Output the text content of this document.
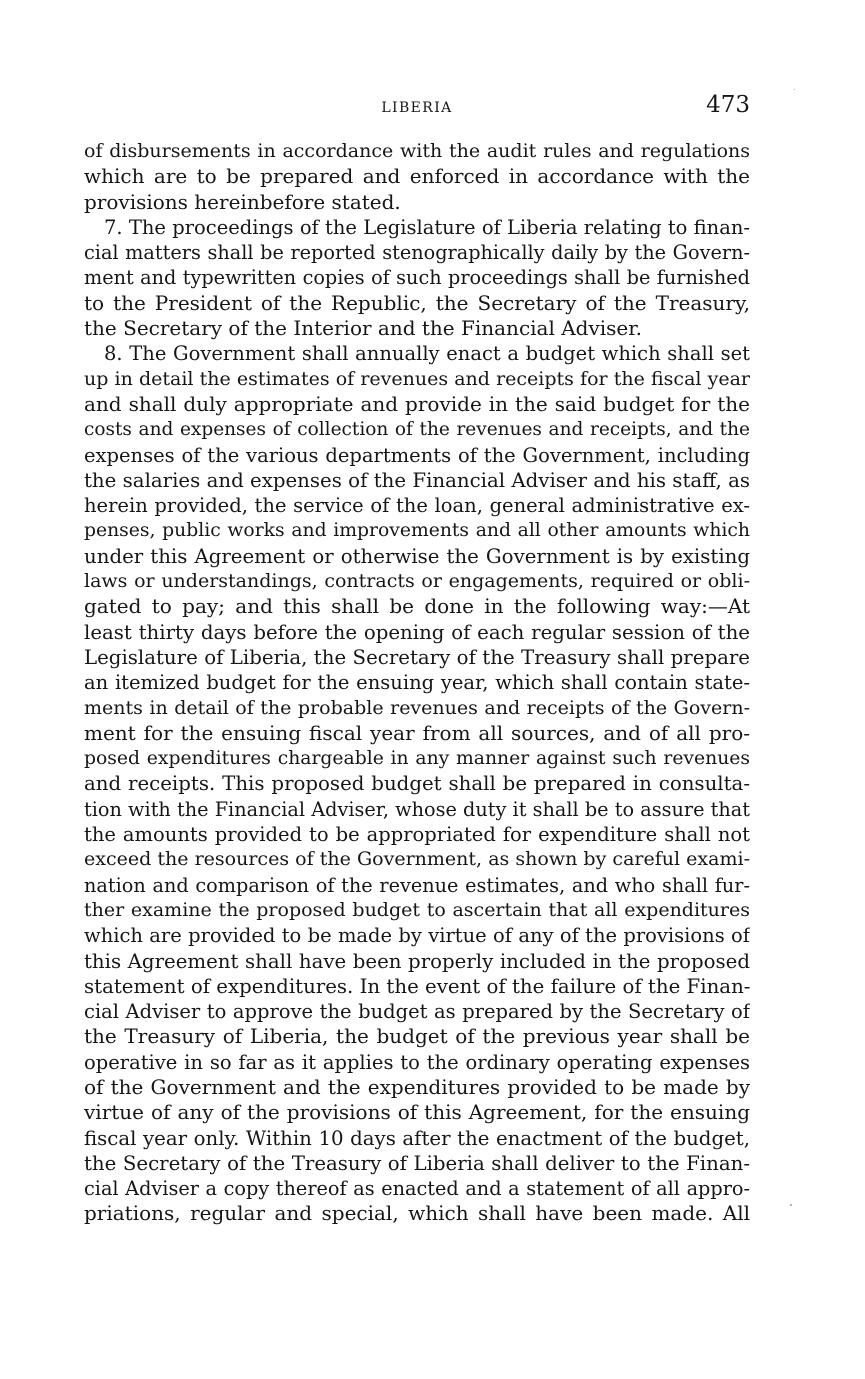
LIBERIA	473
of disbursements in accordance with the audit rules and regulations
which are to be prepared and enforced in accordance with the
provisions hereinbefore stated.
7. The proceedings of the Legislature of Liberia relating to finan-
cial matters shall be reported stenographically daily by the Govern-
ment and typewritten copies of such proceedings shall be furnished
to the President of the Republic, the Secretary of the Treasury,
the Secretary of the Interior and the Financial Adviser.
8. The Government shall annually enact a budget which shall set
up in detail the estimates of revenues and receipts for the fiscal year
and shall duly appropriate and provide in the said budget for the
costs and expenses of collection of the revenues and receipts, and the
expenses of the various departments of the Government, including
the salaries and expenses of the Financial Adviser and his staff, as
herein provided, the service of the loan, general administrative ex-
penses, public works and improvements and all other amounts which
under this Agreement or otherwise the Government is by existing
laws or understandings, contracts or engagements, required or obli-
gated to pay; and this shall be done in the following way:—At
least thirty days before the opening of each regular session of the
Legislature of Liberia, the Secretary of the Treasury shall prepare
an itemized budget for the ensuing year, which shall contain state-
ments in detail of the probable revenues and receipts of the Govern-
ment for the ensuing fiscal year from all sources, and of all pro-
posed expenditures chargeable in any manner against such revenues
and receipts. This proposed budget shall be prepared in consulta-
tion with the Financial Adviser, whose duty it shall be to assure that
the amounts provided to be appropriated for expenditure shall not
exceed the resources of the Government, as shown by careful exami-
nation and comparison of the revenue estimates, and who shall fur-
ther examine the proposed budget to ascertain that all expenditures
which are provided to be made by virtue of any of the provisions of
this Agreement shall have been properly included in the proposed
statement of expenditures. In the event of the failure of the Finan-
cial Adviser to approve the budget as prepared by the Secretary of
the Treasury of Liberia, the budget of the previous year shall be
operative in so far as it applies to the ordinary operating expenses
of the Government and the expenditures provided to be made by
virtue of any of the provisions of this Agreement, for the ensuing
fiscal year only. Within 10 days after the enactment of the budget,
the Secretary of the Treasury of Liberia shall deliver to the Finan-
cial Adviser a copy thereof as enacted and a statement of all appro-
priations, regular and special, which shall have been made. All
